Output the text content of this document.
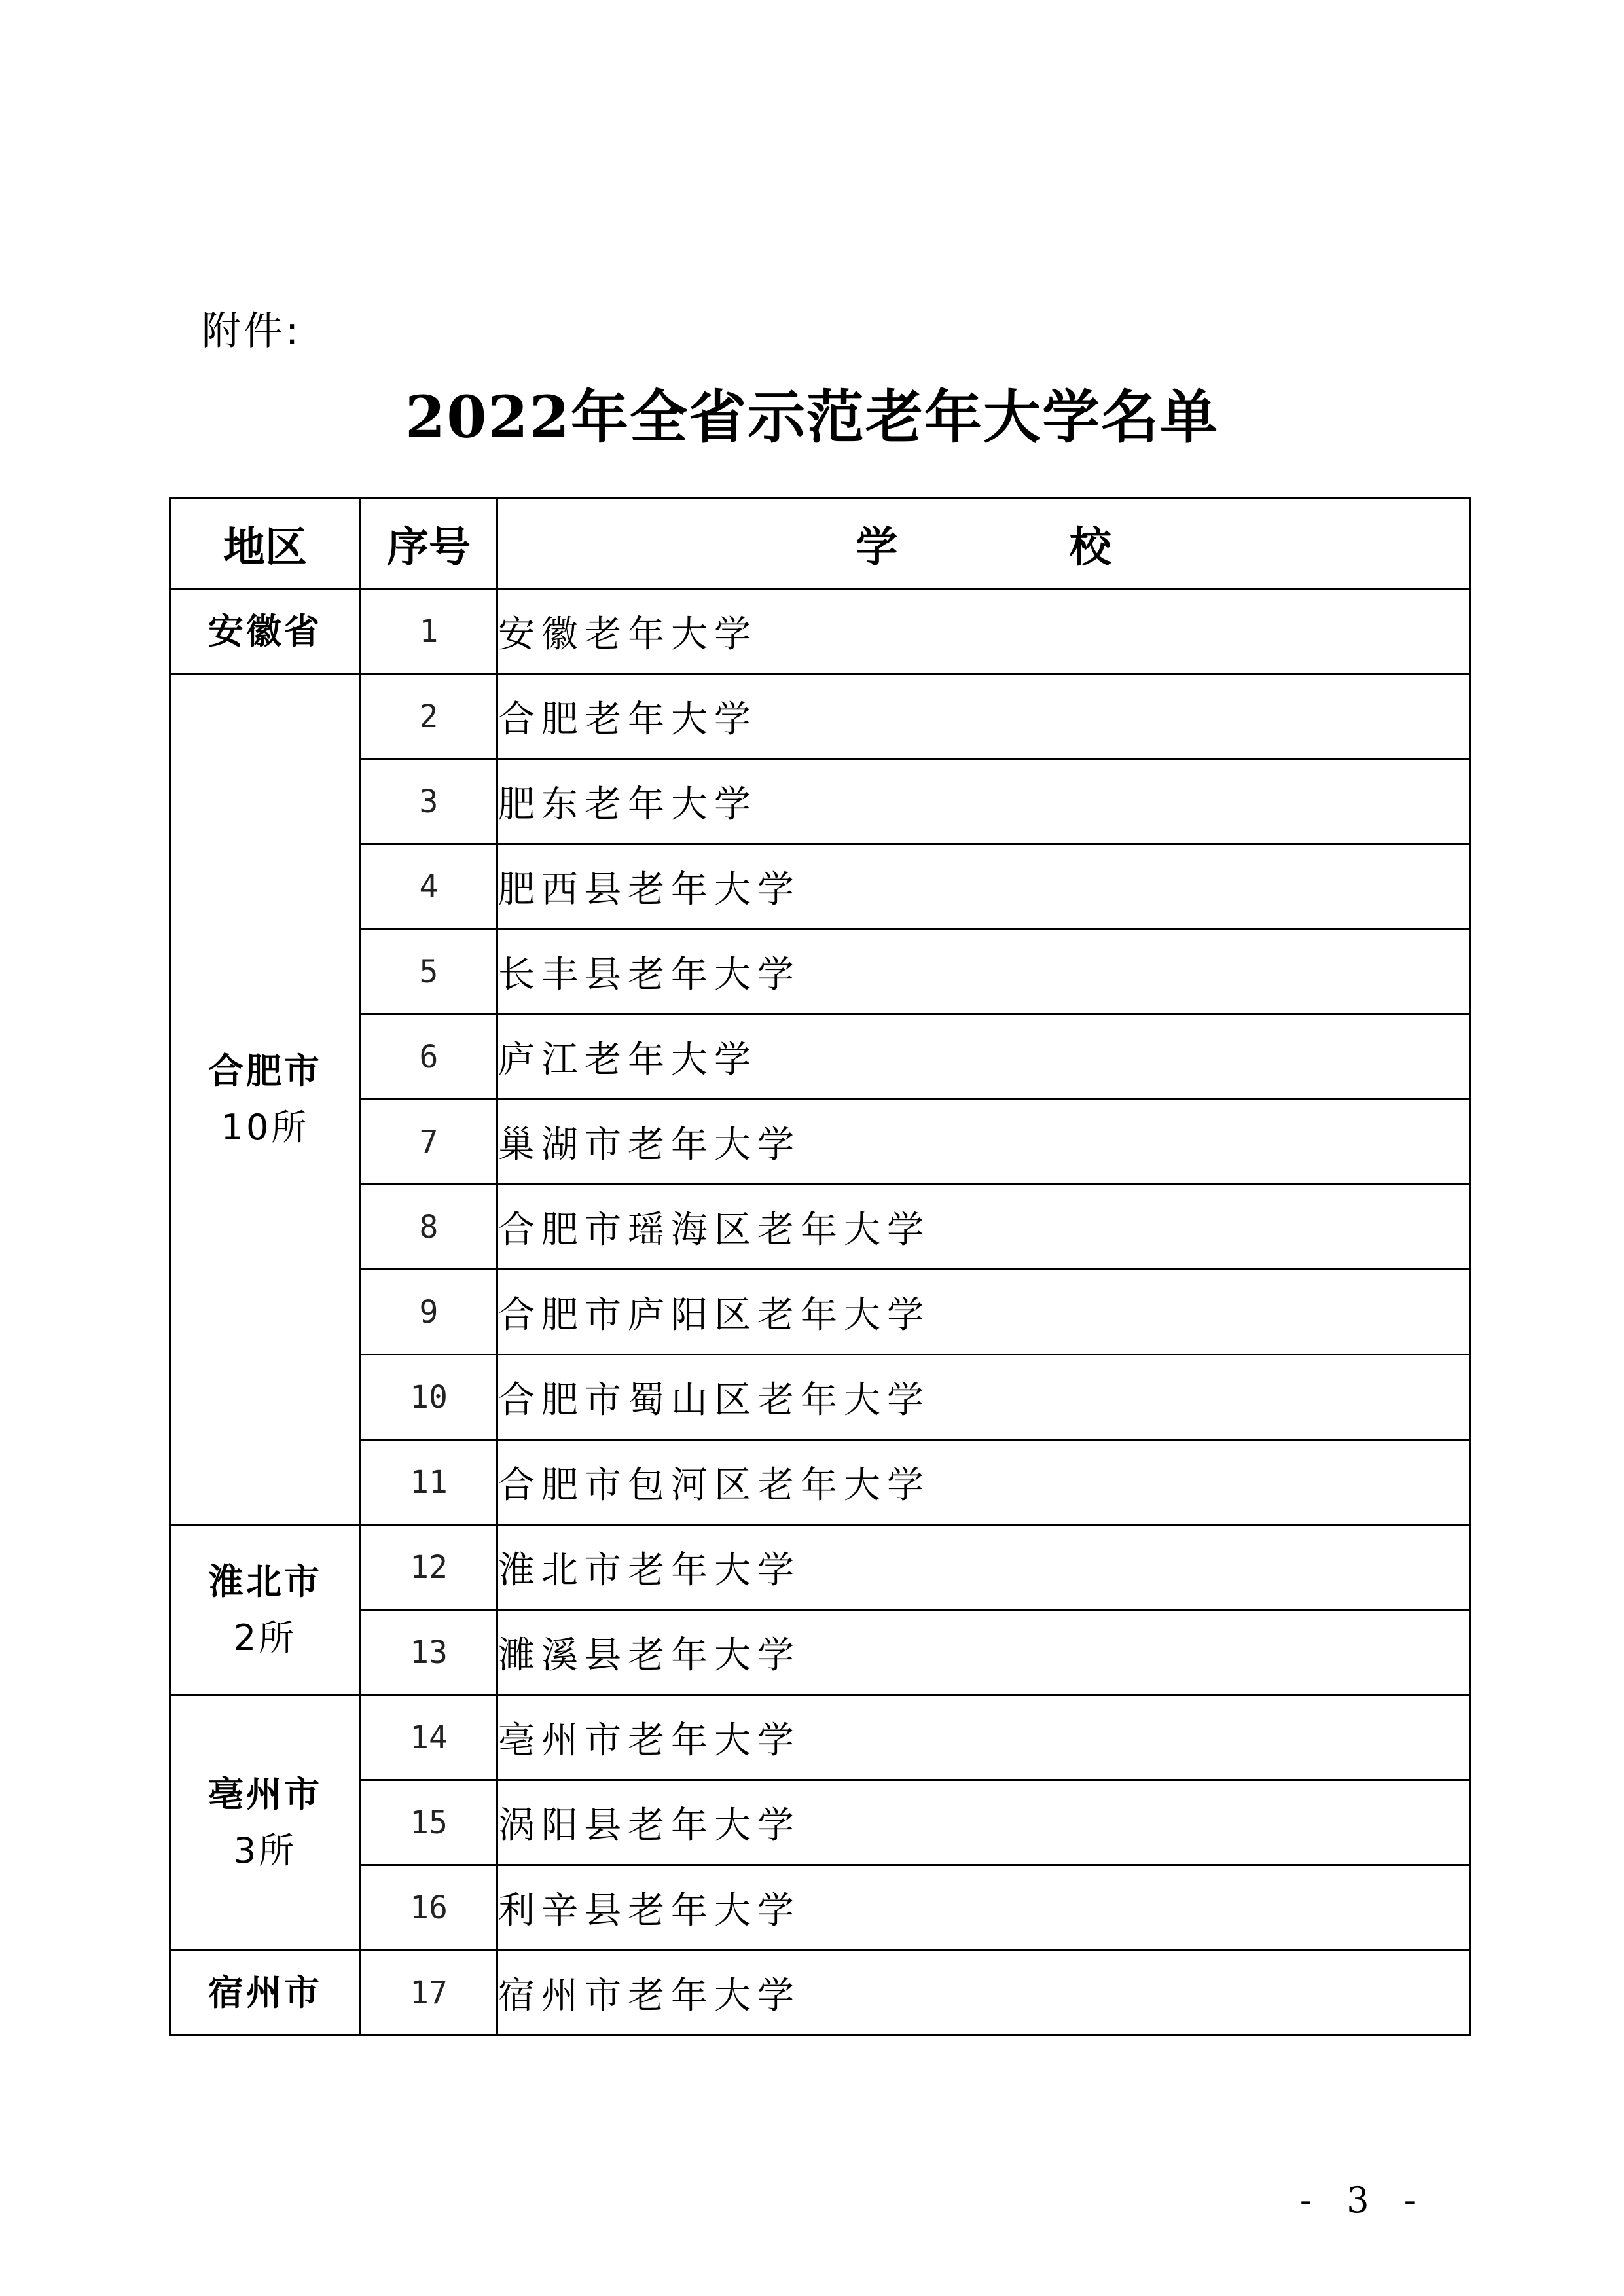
附件:
2022年全省示范老年大学名单
地区	序号	学 校

安徽省	1	安徽老年大学

合肥市
10所	2	合肥老年大学
	3	肥东老年大学
	4	肥西县老年大学
	5	长丰县老年大学
	6	庐江老年大学
	7	巢湖市老年大学
	8	合肥市瑶海区老年大学
	9	合肥市庐阳区老年大学
	10	合肥市蜀山区老年大学
	11	合肥市包河区老年大学

淮北市
2所	12	淮北市老年大学
	13	濉溪县老年大学

亳州市
3所	14	亳州市老年大学
	15	涡阳县老年大学
	16	利辛县老年大学

宿州市	17	宿州市老年大学
- 3 -
